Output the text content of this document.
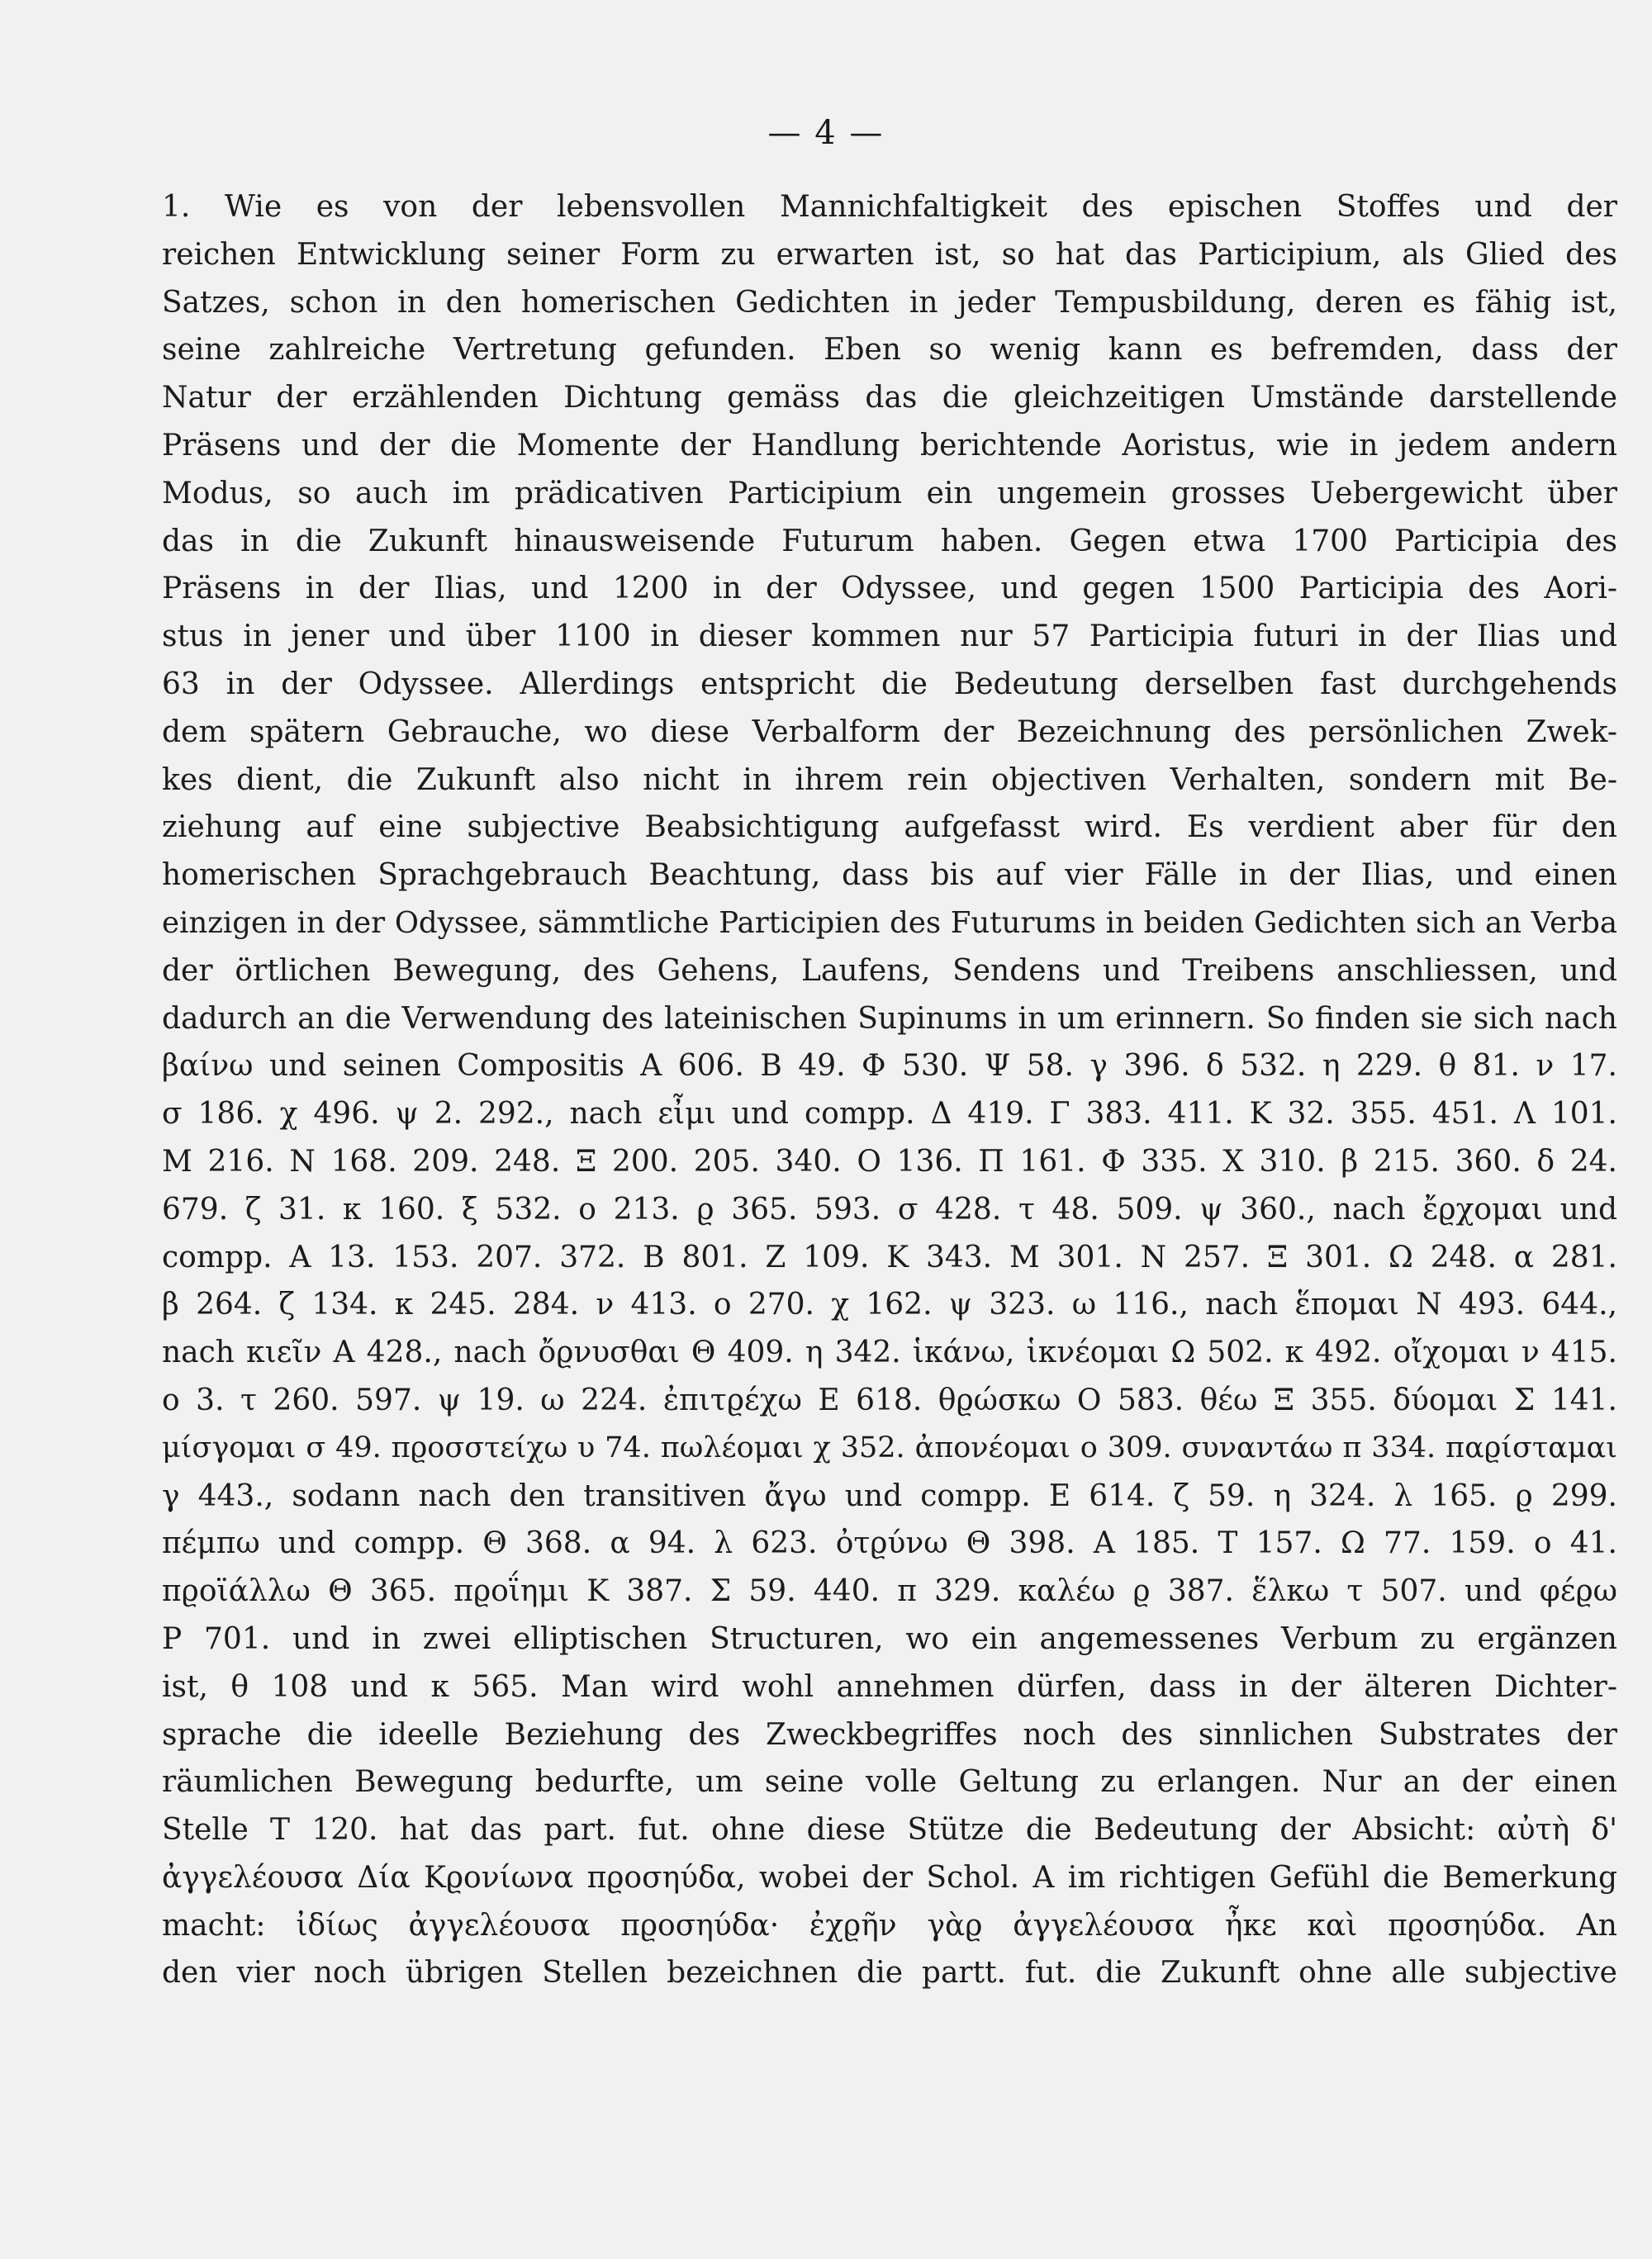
— 4 —
1. Wie es von der lebensvollen Mannichfaltigkeit des epischen Stoffes und der
reichen Entwicklung seiner Form zu erwarten ist, so hat das Participium, als Glied des
Satzes, schon in den homerischen Gedichten in jeder Tempusbildung, deren es fähig ist,
seine zahlreiche Vertretung gefunden. Eben so wenig kann es befremden, dass der
Natur der erzählenden Dichtung gemäss das die gleichzeitigen Umstände darstellende
Präsens und der die Momente der Handlung berichtende Aoristus, wie in jedem andern
Modus, so auch im prädicativen Participium ein ungemein grosses Uebergewicht über
das in die Zukunft hinausweisende Futurum haben. Gegen etwa 1700 Participia des
Präsens in der Ilias, und 1200 in der Odyssee, und gegen 1500 Participia des Aori-
stus in jener und über 1100 in dieser kommen nur 57 Participia futuri in der Ilias und
63 in der Odyssee. Allerdings entspricht die Bedeutung derselben fast durchgehends
dem spätern Gebrauche, wo diese Verbalform der Bezeichnung des persönlichen Zwek-
kes dient, die Zukunft also nicht in ihrem rein objectiven Verhalten, sondern mit Be-
ziehung auf eine subjective Beabsichtigung aufgefasst wird. Es verdient aber für den
homerischen Sprachgebrauch Beachtung, dass bis auf vier Fälle in der Ilias, und einen
einzigen in der Odyssee, sämmtliche Participien des Futurums in beiden Gedichten sich an Verba
der örtlichen Bewegung, des Gehens, Laufens, Sendens und Treibens anschliessen, und
dadurch an die Verwendung des lateinischen Supinums in um erinnern. So finden sie sich nach
βαίνω und seinen Compositis Α 606. Β 49. Φ 530. Ψ 58. γ 396. δ 532. η 229. θ 81. ν 17.
σ 186. χ 496. ψ 2. 292., nach εἶμι und compp. Δ 419. Γ 383. 411. Κ 32. 355. 451. Λ 101.
Μ 216. Ν 168. 209. 248. Ξ 200. 205. 340. Ο 136. Π 161. Φ 335. Χ 310. β 215. 360. δ 24.
679. ζ 31. κ 160. ξ 532. ο 213. ϱ 365. 593. σ 428. τ 48. 509. ψ 360., nach ἔϱχομαι und
compp. Α 13. 153. 207. 372. Β 801. Ζ 109. Κ 343. Μ 301. Ν 257. Ξ 301. Ω 248. α 281.
β 264. ζ 134. κ 245. 284. ν 413. ο 270. χ 162. ψ 323. ω 116., nach ἕπομαι Ν 493. 644.,
nach κιεῖν Α 428., nach ὄϱνυσθαι Θ 409. η 342. ἱκάνω, ἱκνέομαι Ω 502. κ 492. οἴχομαι ν 415.
ο 3. τ 260. 597. ψ 19. ω 224. ἐπιτϱέχω Ε 618. θϱώσκω Ο 583. θέω Ξ 355. δύομαι Σ 141.
μίσγομαι σ 49. πϱοσστείχω υ 74. πωλέομαι χ 352. ἀπονέομαι ο 309. συναντάω π 334. παϱίσταμαι
γ 443., sodann nach den transitiven ἄγω und compp. Ε 614. ζ 59. η 324. λ 165. ϱ 299.
πέμπω und compp. Θ 368. α 94. λ 623. ὀτϱύνω Θ 398. Α 185. Τ 157. Ω 77. 159. ο 41.
πϱοϊάλλω Θ 365. πϱοΐημι Κ 387. Σ 59. 440. π 329. καλέω ϱ 387. ἕλκω τ 507. und φέϱω
Ρ 701. und in zwei elliptischen Structuren, wo ein angemessenes Verbum zu ergänzen
ist, θ 108 und κ 565. Man wird wohl annehmen dürfen, dass in der älteren Dichter-
sprache die ideelle Beziehung des Zweckbegriffes noch des sinnlichen Substrates der
räumlichen Bewegung bedurfte, um seine volle Geltung zu erlangen. Nur an der einen
Stelle Τ 120. hat das part. fut. ohne diese Stütze die Bedeutung der Absicht: αὐτὴ δ'
ἀγγελέουσα Δία Κϱονίωνα πϱοσηύδα, wobei der Schol. A im richtigen Gefühl die Bemerkung
macht: ἰδίως ἀγγελέουσα πϱοσηύδα· ἐχϱῆν γὰϱ ἀγγελέουσα ἦκε καὶ πϱοσηύδα. An
den vier noch übrigen Stellen bezeichnen die partt. fut. die Zukunft ohne alle subjective
